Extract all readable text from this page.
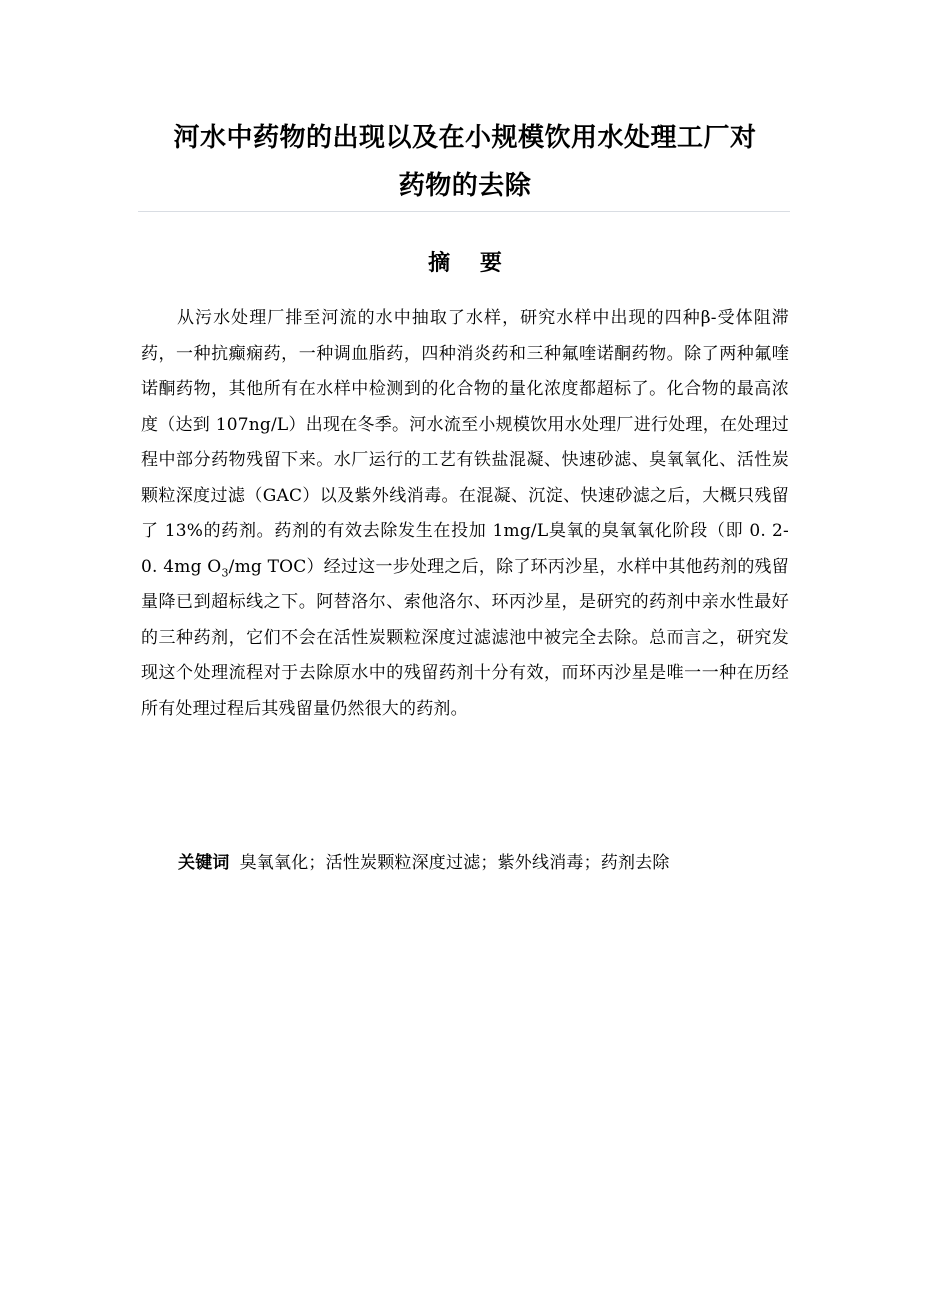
河水中药物的出现以及在小规模饮用水处理工厂对
药物的去除
摘 要

从污水处理厂排至河流的水中抽取了水样，研究水样中出现的四种β-受体阻滞药，一种抗癫痫药，一种调血脂药，四种消炎药和三种氟喹诺酮药物。除了两种氟喹诺酮药物，其他所有在水样中检测到的化合物的量化浓度都超标了。化合物的最高浓度（达到 107ng/L）出现在冬季。河水流至小规模饮用水处理厂进行处理，在处理过程中部分药物残留下来。水厂运行的工艺有铁盐混凝、快速砂滤、臭氧氧化、活性炭颗粒深度过滤（GAC）以及紫外线消毒。在混凝、沉淀、快速砂滤之后，大概只残留了 13%的药剂。药剂的有效去除发生在投加 1mg/L臭氧的臭氧氧化阶段（即 0. 2-0. 4mg $O_3/mg$ TOC）经过这一步处理之后，除了环丙沙星，水样中其他药剂的残留量降已到超标线之下。阿替洛尔、索他洛尔、环丙沙星，是研究的药剂中亲水性最好的三种药剂，它们不会在活性炭颗粒深度过滤滤池中被完全去除。总而言之，研究发现这个处理流程对于去除原水中的残留药剂十分有效，而环丙沙星是唯一一种在历经所有处理过程后其残留量仍然很大的药剂。

关键词 臭氧氧化；活性炭颗粒深度过滤；紫外线消毒；药剂去除
